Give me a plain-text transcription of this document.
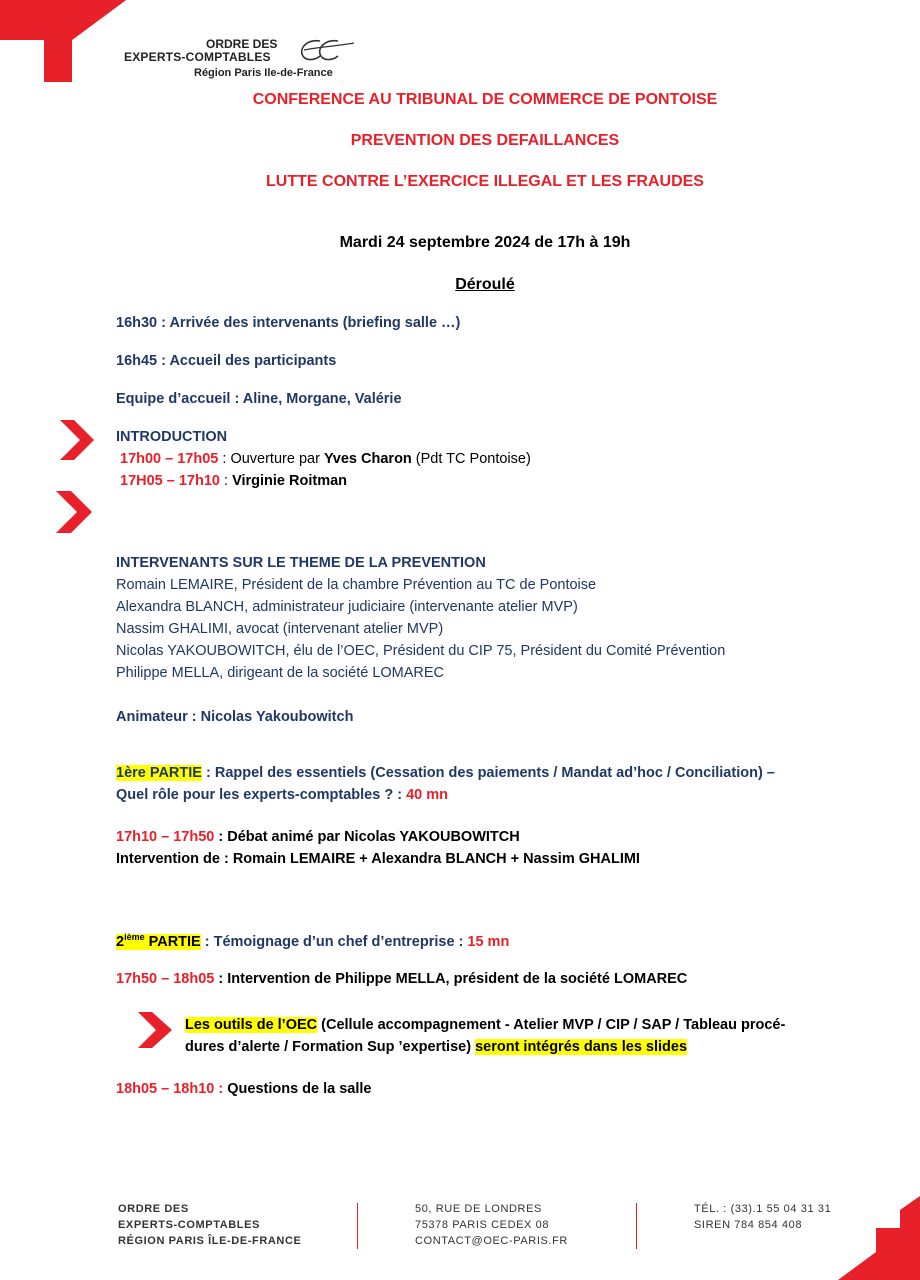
ORDRE DES
EXPERTS-COMPTABLES
Région Paris Ile-de-France
CONFERENCE AU TRIBUNAL DE COMMERCE DE PONTOISE
PREVENTION DES DEFAILLANCES
LUTTE CONTRE L’EXERCICE ILLEGAL ET LES FRAUDES
Mardi 24 septembre 2024 de 17h à 19h
Déroulé
16h30 : Arrivée des intervenants (briefing salle …)
16h45 : Accueil des participants
Equipe d’accueil : Aline, Morgane, Valérie
INTRODUCTION
17h00 – 17h05 : Ouverture par Yves Charon (Pdt TC Pontoise)
17H05 – 17h10 : Virginie Roitman
INTERVENANTS SUR LE THEME DE LA PREVENTION
Romain LEMAIRE, Président de la chambre Prévention au TC de Pontoise
Alexandra BLANCH, administrateur judiciaire (intervenante atelier MVP)
Nassim GHALIMI, avocat (intervenant atelier MVP)
Nicolas YAKOUBOWITCH, élu de l’OEC, Président du CIP 75, Président du Comité Prévention
Philippe MELLA, dirigeant de la société LOMAREC
Animateur : Nicolas Yakoubowitch
1ère PARTIE : Rappel des essentiels (Cessation des paiements / Mandat ad’hoc / Conciliation) –
Quel rôle pour les experts-comptables ? : 40 mn
17h10 – 17h50 : Débat animé par Nicolas YAKOUBOWITCH
Intervention de : Romain LEMAIRE + Alexandra BLANCH + Nassim GHALIMI
2ième PARTIE : Témoignage d’un chef d’entreprise : 15 mn
17h50 – 18h05 : Intervention de Philippe MELLA, président de la société LOMAREC
Les outils de l’OEC (Cellule accompagnement - Atelier MVP / CIP / SAP / Tableau procé-
dures d’alerte / Formation Sup ’expertise) seront intégrés dans les slides
18h05 – 18h10 : Questions de la salle
ORDRE DES
EXPERTS-COMPTABLES
RÉGION PARIS ÎLE-DE-FRANCE
50, RUE DE LONDRES
75378 PARIS CEDEX 08
CONTACT@OEC-PARIS.FR
TÉL. : (33).1 55 04 31 31
SIREN 784 854 408
